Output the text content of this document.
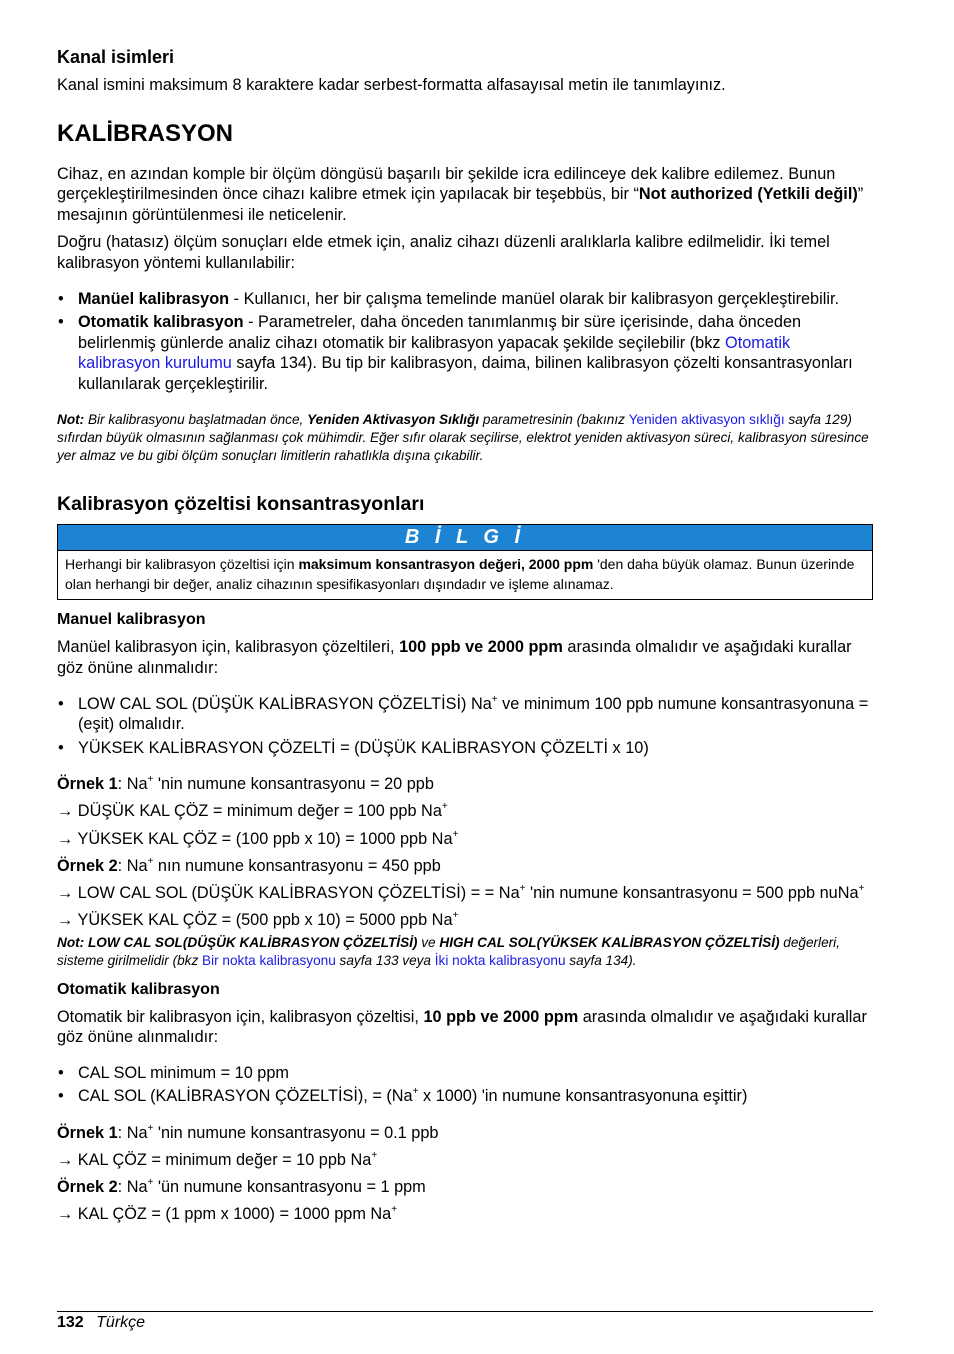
Kanal isimleri

Kanal ismini maksimum 8 karaktere kadar serbest-formatta alfasayısal metin ile tanımlayınız.

KALİBRASYON

Cihaz, en azından komple bir ölçüm döngüsü başarılı bir şekilde icra edilinceye dek kalibre edilemez. Bunun gerçekleştirilmesinden önce cihazı kalibre etmek için yapılacak bir teşebbüs, bir “Not authorized (Yetkili değil)” mesajının görüntülenmesi ile neticelenir.

Doğru (hatasız) ölçüm sonuçları elde etmek için, analiz cihazı düzenli aralıklarla kalibre edilmelidir. İki temel kalibrasyon yöntemi kullanılabilir:

• Manüel kalibrasyon - Kullanıcı, her bir çalışma temelinde manüel olarak bir kalibrasyon gerçekleştirebilir.
• Otomatik kalibrasyon - Parametreler, daha önceden tanımlanmış bir süre içerisinde, daha önceden belirlenmiş günlerde analiz cihazı otomatik bir kalibrasyon yapacak şekilde seçilebilir (bkz Otomatik kalibrasyon kurulumu sayfa 134). Bu tip bir kalibrasyon, daima, bilinen kalibrasyon çözelti konsantrasyonları kullanılarak gerçekleştirilir.

Not: Bir kalibrasyonu başlatmadan önce, Yeniden Aktivasyon Sıklığı parametresinin (bakınız Yeniden aktivasyon sıklığı sayfa 129) sıfırdan büyük olmasının sağlanması çok mühimdir. Eğer sıfır olarak seçilirse, elektrot yeniden aktivasyon süreci, kalibrasyon süresince yer almaz ve bu gibi ölçüm sonuçları limitlerin rahatlıkla dışına çıkabilir.

Kalibrasyon çözeltisi konsantrasyonları

B İ L G İ
Herhangi bir kalibrasyon çözeltisi için maksimum konsantrasyon değeri, 2000 ppm 'den daha büyük olamaz. Bunun üzerinde olan herhangi bir değer, analiz cihazının spesifikasyonları dışındadır ve işleme alınamaz.

Manuel kalibrasyon

Manüel kalibrasyon için, kalibrasyon çözeltileri, 100 ppb ve 2000 ppm arasında olmalıdır ve aşağıdaki kurallar göz önüne alınmalıdır:

• LOW CAL SOL (DÜŞÜK KALİBRASYON ÇÖZELTİSİ) Na+ ve minimum 100 ppb numune konsantrasyonuna = (eşit) olmalıdır.
• YÜKSEK KALİBRASYON ÇÖZELTİ = (DÜŞÜK KALİBRASYON ÇÖZELTİ x 10)

Örnek 1: Na+ 'nin numune konsantrasyonu = 20 ppb

→ DÜŞÜK KAL ÇÖZ = minimum değer = 100 ppb Na+

→ YÜKSEK KAL ÇÖZ = (100 ppb x 10) = 1000 ppb Na+

Örnek 2: Na+ nın numune konsantrasyonu = 450 ppb

→ LOW CAL SOL (DÜŞÜK KALİBRASYON ÇÖZELTİSİ) = = Na+ 'nin numune konsantrasyonu = 500 ppb nuNa+

→ YÜKSEK KAL ÇÖZ = (500 ppb x 10) = 5000 ppb Na+

Not: LOW CAL SOL(DÜŞÜK KALİBRASYON ÇÖZELTİSİ) ve HIGH CAL SOL(YÜKSEK KALİBRASYON ÇÖZELTİSİ) değerleri, sisteme girilmelidir (bkz Bir nokta kalibrasyonu sayfa 133 veya İki nokta kalibrasyonu sayfa 134).

Otomatik kalibrasyon

Otomatik bir kalibrasyon için, kalibrasyon çözeltisi, 10 ppb ve 2000 ppm arasında olmalıdır ve aşağıdaki kurallar göz önüne alınmalıdır:

• CAL SOL minimum = 10 ppm
• CAL SOL (KALİBRASYON ÇÖZELTİSİ), = (Na+ x 1000) 'in numune konsantrasyonuna eşittir)

Örnek 1: Na+ 'nin numune konsantrasyonu = 0.1 ppb

→ KAL ÇÖZ = minimum değer = 10 ppb Na+

Örnek 2: Na+ 'ün numune konsantrasyonu = 1 ppm

→ KAL ÇÖZ = (1 ppm x 1000) = 1000 ppm Na+

132 Türkçe
